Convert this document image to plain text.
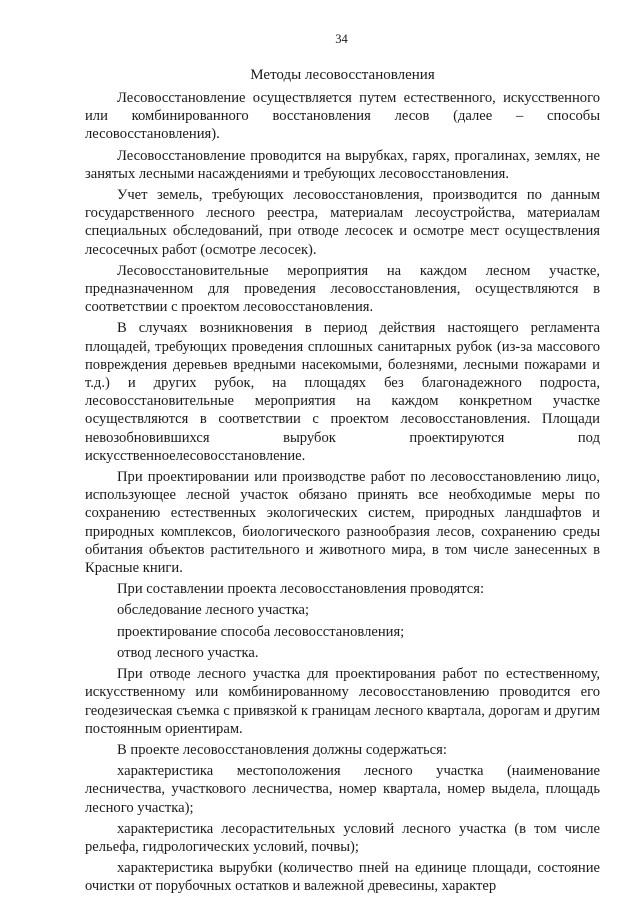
34
Методы лесовосстановления

Лесовосстановление осуществляется путем естественного, искусственного или комбинированного восстановления лесов (далее – способы лесовосстановления).

Лесовосстановление проводится на вырубках, гарях, прогалинах, землях, не занятых лесными насаждениями и требующих лесовосстановления.

Учет земель, требующих лесовосстановления, производится по данным государственного лесного реестра, материалам лесоустройства, материалам специальных обследований, при отводе лесосек и осмотре мест осуществления лесосечных работ (осмотре лесосек).

Лесовосстановительные мероприятия на каждом лесном участке, предназначенном для проведения лесовосстановления, осуществляются в соответствии с проектом лесовосстановления.

В случаях возникновения в период действия настоящего регламента площадей, требующих проведения сплошных санитарных рубок (из-за массового повреждения деревьев вредными насекомыми, болезнями, лесными пожарами и т.д.) и других рубок, на площадях без благонадежного подроста, лесовосстановительные мероприятия на каждом конкретном участке осуществляются в соответствии с проектом лесовосстановления. Площади невозобновившихся вырубок проектируются под искусственноелесовосстановление.

При проектировании или производстве работ по лесовосстановлению лицо, использующее лесной участок обязано принять все необходимые меры по сохранению естественных экологических систем, природных ландшафтов и природных комплексов, биологического разнообразия лесов, сохранению среды обитания объектов растительного и животного мира, в том числе занесенных в Красные книги.

При составлении проекта лесовосстановления проводятся:

обследование лесного участка;

проектирование способа лесовосстановления;

отвод лесного участка.

При отводе лесного участка для проектирования работ по естественному, искусственному или комбинированному лесовосстановлению проводится его геодезическая съемка с привязкой к границам лесного квартала, дорогам и другим постоянным ориентирам.

В проекте лесовосстановления должны содержаться:

характеристика местоположения лесного участка (наименование лесничества, участкового лесничества, номер квартала, номер выдела, площадь лесного участка);

характеристика лесорастительных условий лесного участка (в том числе рельефа, гидрологических условий, почвы);

характеристика вырубки (количество пней на единице площади, состояние очистки от порубочных остатков и валежной древесины, характер
